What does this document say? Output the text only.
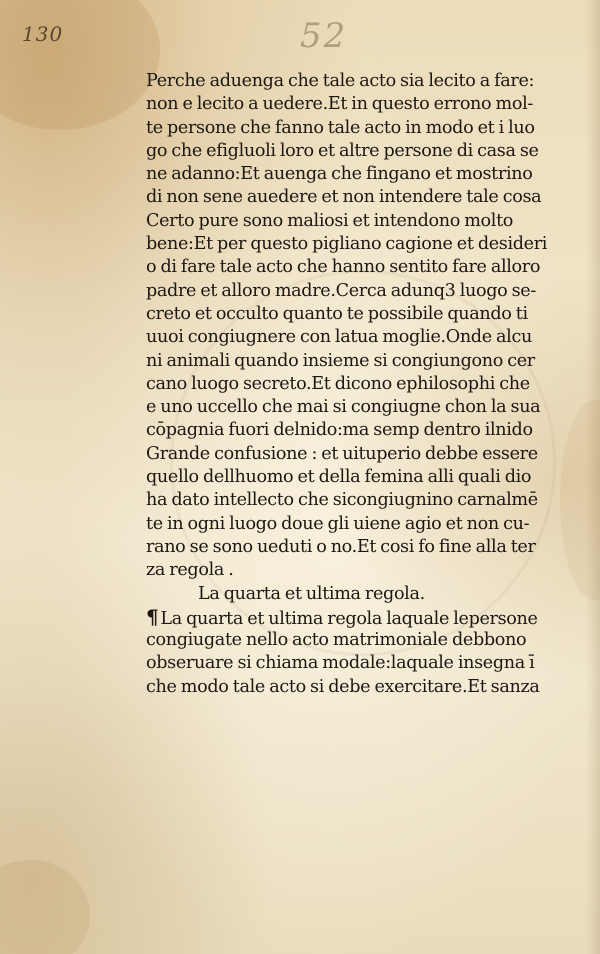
130	52
Perche aduenga che tale acto sia lecito a fare:
non e lecito a uedere.Et in questo errono mol-
te persone che fanno tale acto in modo et i luo
go che efigluoli loro et altre persone di casa se
ne adanno:Et auenga che fingano et mostrino
di non sene auedere et non intendere tale cosa
Certo pure sono maliosi et intendono molto
bene:Et per questo pigliano cagione et desideri
o di fare tale acto che hanno sentito fare alloro
padre et alloro madre.Cerca adunq3 luogo se-
creto et occulto quanto te possibile quando ti
uuoi congiugnere con latua moglie.Onde alcu
ni animali quando insieme si congiungono cer
cano luogo secreto.Et dicono ephilosophi che
e uno uccello che mai si congiugne chon la sua
cōpagnia fuori delnido:ma semp dentro ilnido
Grande confusione : et uituperio debbe essere
quello dellhuomo et della femina alli quali dio
ha dato intellecto che sicongiugnino carnalmē
te in ogni luogo doue gli uiene agio et non cu-
rano se sono ueduti o no.Et cosi fo fine alla ter
za regola .
La quarta et ultima regola.
¶ La quarta et ultima regola laquale lepersone
congiugate nello acto matrimoniale debbono
obseruare si chiama modale:laquale insegna ī
che modo tale acto si debe exercitare.Et sanza
